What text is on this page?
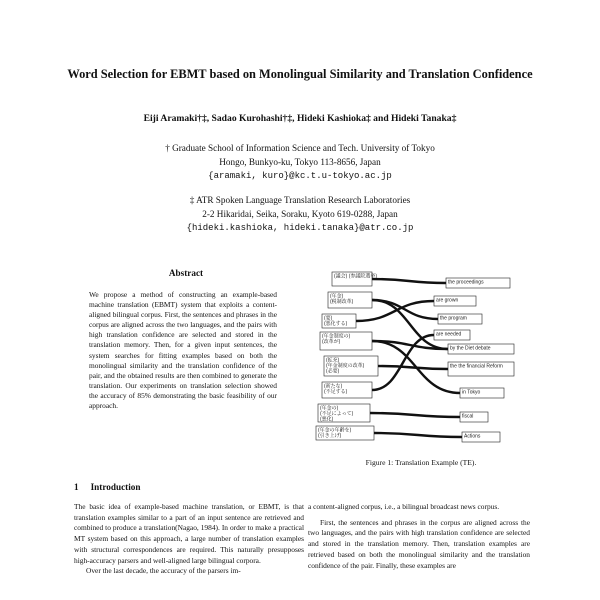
Word Selection for EBMT based on Monolingual Similarity and Translation Confidence
Eiji Aramaki†‡, Sadao Kurohashi†‡, Hideki Kashioka‡ and Hideki Tanaka‡
† Graduate School of Information Science and Tech. University of Tokyo
Hongo, Bunkyo-ku, Tokyo 113-8656, Japan
{aramaki, kuro}@kc.t.u-tokyo.ac.jp
‡ ATR Spoken Language Translation Research Laboratories
2-2 Hikaridai, Seika, Soraku, Kyoto 619-0288, Japan
{hideki.kashioka, hideki.tanaka}@atr.co.jp
Abstract
We propose a method of constructing an example-based machine translation (EBMT) system that exploits a content-aligned bilingual corpus. First, the sentences and phrases in the corpus are aligned across the two languages, and the pairs with high translation confidence are selected and stored in the translation memory. Then, for a given input sentences, the system searches for fitting examples based on both the monolingual similarity and the translation confidence of the pair, and the obtained results are then combined to generate the translation. Our experiments on translation selection showed the accuracy of 85% demonstrating the basic feasibility of our approach.
(議会) (参議院選挙)
(年金)
(税制改革)
(要)
(悪化する)
(年金制度の)
(改革が)
(拡充)
(年金制度の改革)
(必要)
(新たな)
(不足する)
(年金の)
(不足によって)
(悪化)
(年金の年齢を)
(引き上げ)
the proceedings
are grown
the program
are needed
by the Diet debate
the the financial Reform
in Tokyo
fiscal
Actions
Figure 1: Translation Example (TE).
1 Introduction

The basic idea of example-based machine translation, or EBMT, is that translation examples similar to a part of an input sentence are retrieved and combined to produce a translation(Nagao, 1984). In order to make a practical MT system based on this approach, a large number of translation examples with structural correspondences are required. This naturally presupposes high-accuracy parsers and well-aligned large bilingual corpora.

Over the last decade, the accuracy of the parsers im-

a content-aligned corpus, i.e., a bilingual broadcast news corpus.

First, the sentences and phrases in the corpus are aligned across the two languages, and the pairs with high translation confidence are selected and stored in the translation memory. Then, translation examples are retrieved based on both the monolingual similarity and the translation confidence of the pair. Finally, these examples are
